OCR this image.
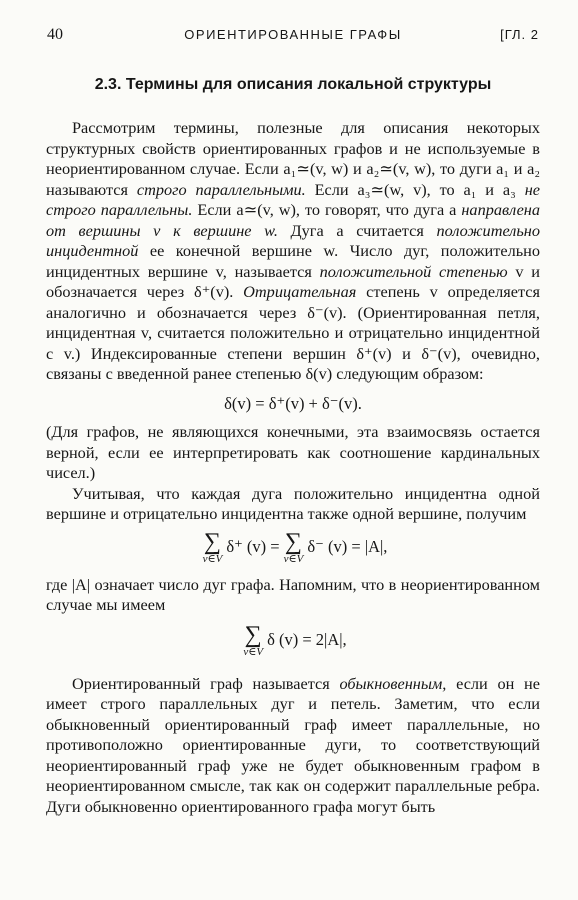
40	ОРИЕНТИРОВАННЫЕ ГРАФЫ	[ГЛ. 2
2.3. Термины для описания локальной структуры

Рассмотрим термины, полезные для описания некоторых структурных свойств ориентированных графов и не используемые в неориентированном случае. Если a₁≃(v, w) и a₂≃(v, w), то дуги a₁ и a₂ называются строго параллельными. Если a₃≃(w, v), то a₁ и a₃ не строго параллельны. Если a≃(v, w), то говорят, что дуга a направлена от вершины v к вершине w. Дуга a считается положительно инцидентной ее конечной вершине w. Число дуг, положительно инцидентных вершине v, называется положительной степенью v и обозначается через δ⁺(v). Отрицательная степень v определяется аналогично и обозначается через δ⁻(v). (Ориентированная петля, инцидентная v, считается положительно и отрицательно инцидентной с v.) Индексированные степени вершин δ⁺(v) и δ⁻(v), очевидно, связаны с введенной ранее степенью δ(v) следующим образом:

δ(v) = δ⁺(v) + δ⁻(v).

(Для графов, не являющихся конечными, эта взаимосвязь остается верной, если ее интерпретировать как соотношение кардинальных чисел.)

Учитывая, что каждая дуга положительно инцидентна одной вершине и отрицательно инцидентна также одной вершине, получим

∑
v∈V
δ⁺ (v) = ∑
v∈V
δ⁻ (v) = |A|,

где |A| означает число дуг графа. Напомним, что в неориентированном случае мы имеем

∑
v∈V
δ (v) = 2|A|,

Ориентированный граф называется обыкновенным, если он не имеет строго параллельных дуг и петель. Заметим, что если обыкновенный ориентированный граф имеет параллельные, но противоположно ориентированные дуги, то соответствующий неориентированный граф уже не будет обыкновенным графом в неориентированном смысле, так как он содержит параллельные ребра. Дуги обыкновенно ориентированного графа могут быть
